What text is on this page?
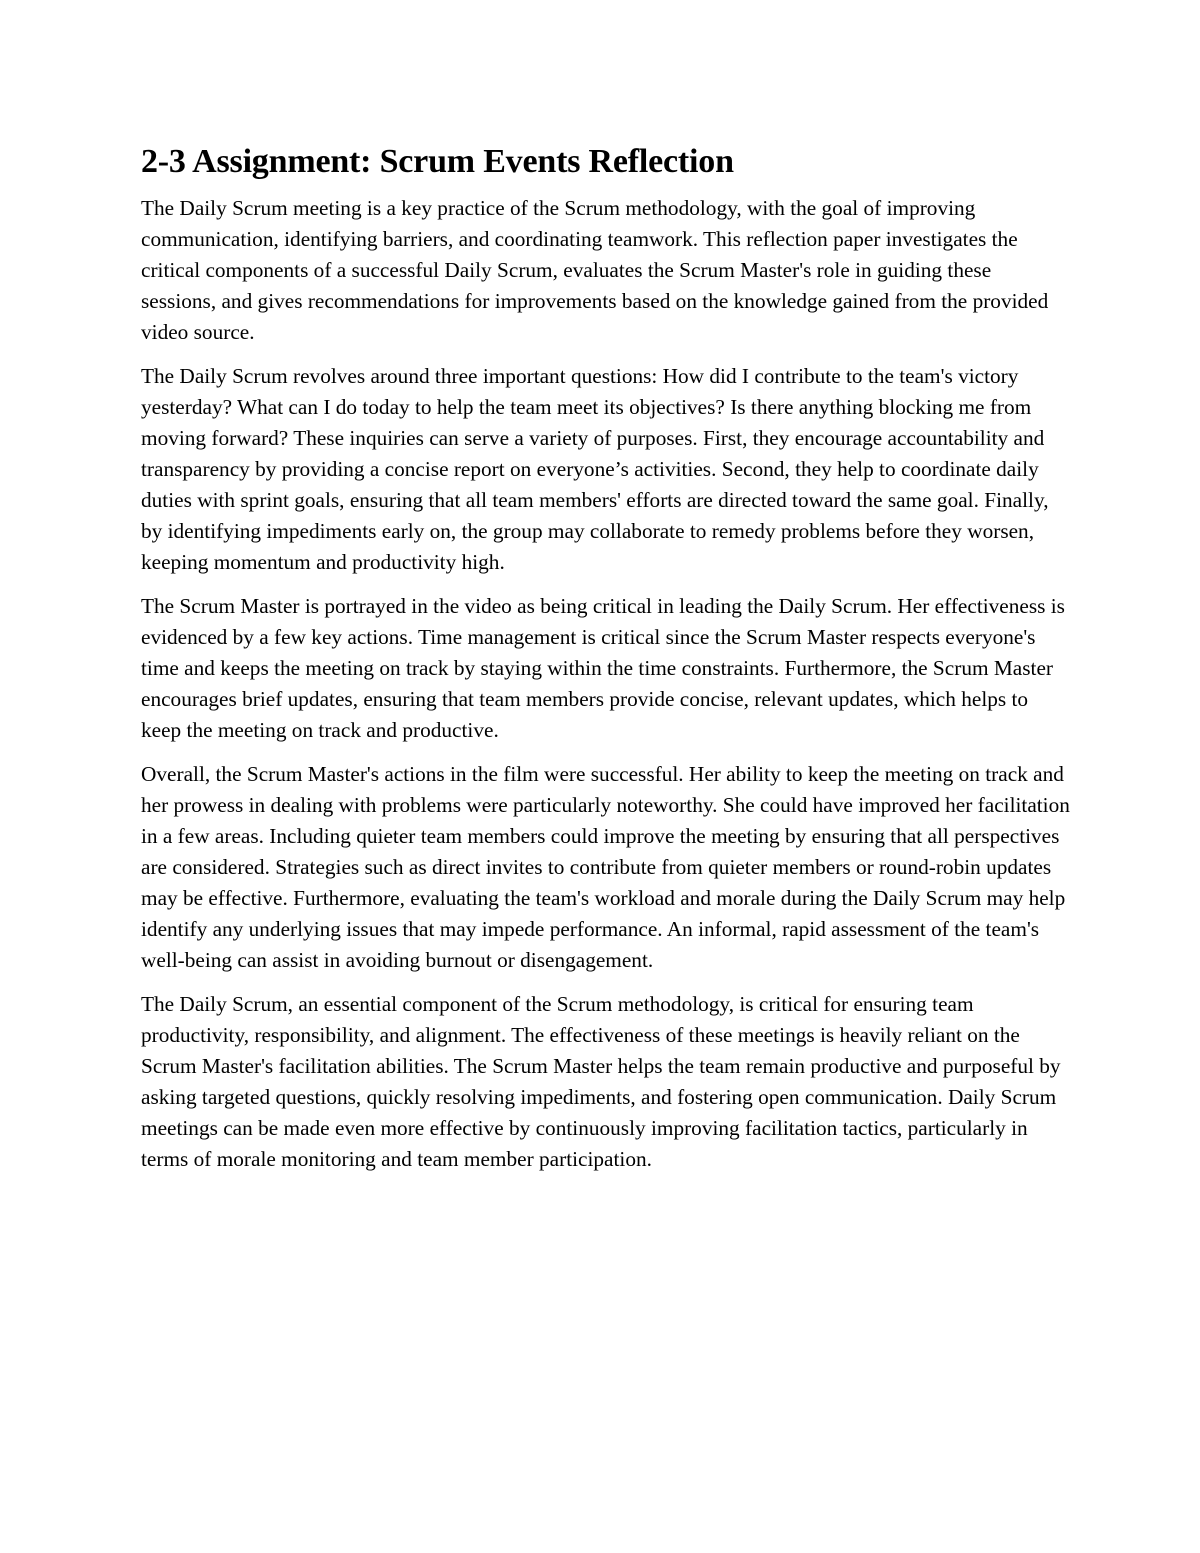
2-3 Assignment: Scrum Events Reflection

The Daily Scrum meeting is a key practice of the Scrum methodology, with the goal of improving communication, identifying barriers, and coordinating teamwork. This reflection paper investigates the critical components of a successful Daily Scrum, evaluates the Scrum Master's role in guiding these sessions, and gives recommendations for improvements based on the knowledge gained from the provided video source.

The Daily Scrum revolves around three important questions: How did I contribute to the team's victory yesterday? What can I do today to help the team meet its objectives? Is there anything blocking me from moving forward? These inquiries can serve a variety of purposes. First, they encourage accountability and transparency by providing a concise report on everyone’s activities. Second, they help to coordinate daily duties with sprint goals, ensuring that all team members' efforts are directed toward the same goal. Finally, by identifying impediments early on, the group may collaborate to remedy problems before they worsen, keeping momentum and productivity high.

The Scrum Master is portrayed in the video as being critical in leading the Daily Scrum. Her effectiveness is evidenced by a few key actions. Time management is critical since the Scrum Master respects everyone's time and keeps the meeting on track by staying within the time constraints. Furthermore, the Scrum Master encourages brief updates, ensuring that team members provide concise, relevant updates, which helps to keep the meeting on track and productive.

Overall, the Scrum Master's actions in the film were successful. Her ability to keep the meeting on track and her prowess in dealing with problems were particularly noteworthy. She could have improved her facilitation in a few areas. Including quieter team members could improve the meeting by ensuring that all perspectives are considered. Strategies such as direct invites to contribute from quieter members or round-robin updates may be effective. Furthermore, evaluating the team's workload and morale during the Daily Scrum may help identify any underlying issues that may impede performance. An informal, rapid assessment of the team's well-being can assist in avoiding burnout or disengagement.

The Daily Scrum, an essential component of the Scrum methodology, is critical for ensuring team productivity, responsibility, and alignment. The effectiveness of these meetings is heavily reliant on the Scrum Master's facilitation abilities. The Scrum Master helps the team remain productive and purposeful by asking targeted questions, quickly resolving impediments, and fostering open communication. Daily Scrum meetings can be made even more effective by continuously improving facilitation tactics, particularly in terms of morale monitoring and team member participation.
